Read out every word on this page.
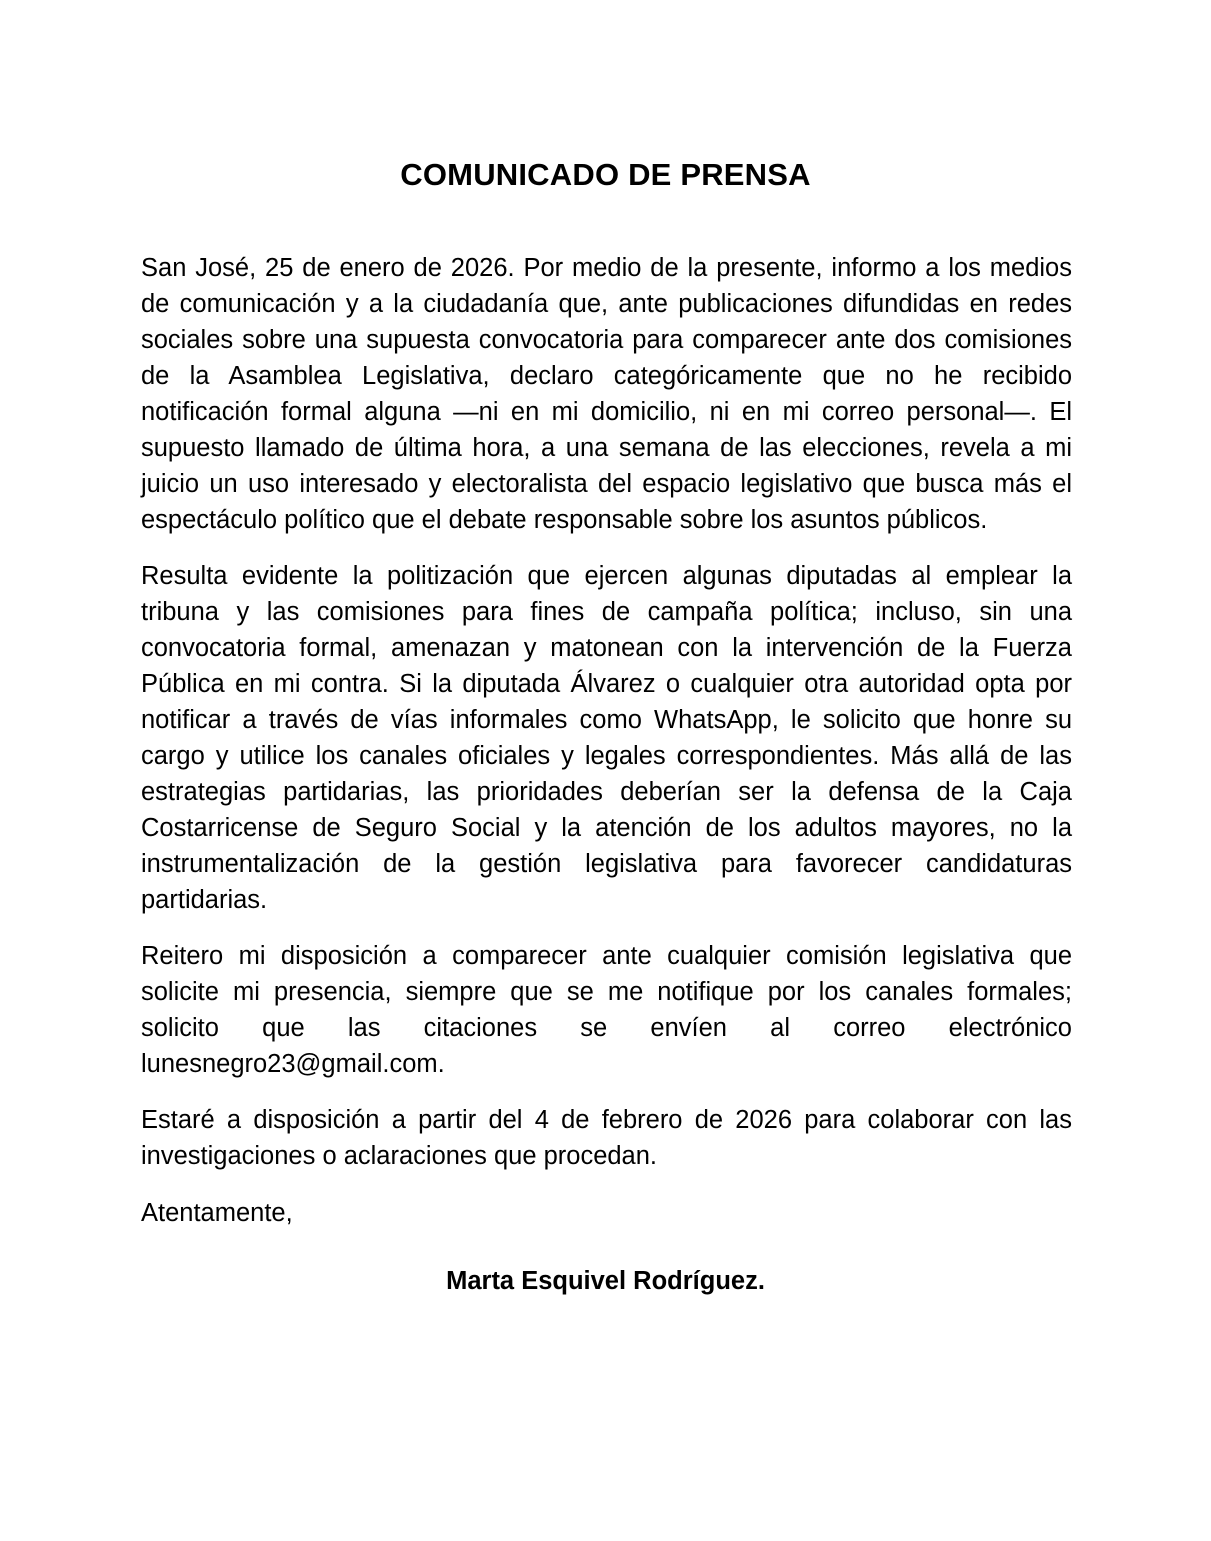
COMUNICADO DE PRENSA

San José, 25 de enero de 2026. Por medio de la presente, informo a los medios de comunicación y a la ciudadanía que, ante publicaciones difundidas en redes sociales sobre una supuesta convocatoria para comparecer ante dos comisiones de la Asamblea Legislativa, declaro categóricamente que no he recibido notificación formal alguna —ni en mi domicilio, ni en mi correo personal—. El supuesto llamado de última hora, a una semana de las elecciones, revela a mi juicio un uso interesado y electoralista del espacio legislativo que busca más el espectáculo político que el debate responsable sobre los asuntos públicos.

Resulta evidente la politización que ejercen algunas diputadas al emplear la tribuna y las comisiones para fines de campaña política; incluso, sin una convocatoria formal, amenazan y matonean con la intervención de la Fuerza Pública en mi contra. Si la diputada Álvarez o cualquier otra autoridad opta por notificar a través de vías informales como WhatsApp, le solicito que honre su cargo y utilice los canales oficiales y legales correspondientes. Más allá de las estrategias partidarias, las prioridades deberían ser la defensa de la Caja Costarricense de Seguro Social y la atención de los adultos mayores, no la instrumentalización de la gestión legislativa para favorecer candidaturas partidarias.

Reitero mi disposición a comparecer ante cualquier comisión legislativa que solicite mi presencia, siempre que se me notifique por los canales formales; solicito que las citaciones se envíen al correo electrónico lunesnegro23@gmail.com.

Estaré a disposición a partir del 4 de febrero de 2026 para colaborar con las investigaciones o aclaraciones que procedan.

Atentamente,

Marta Esquivel Rodríguez.
